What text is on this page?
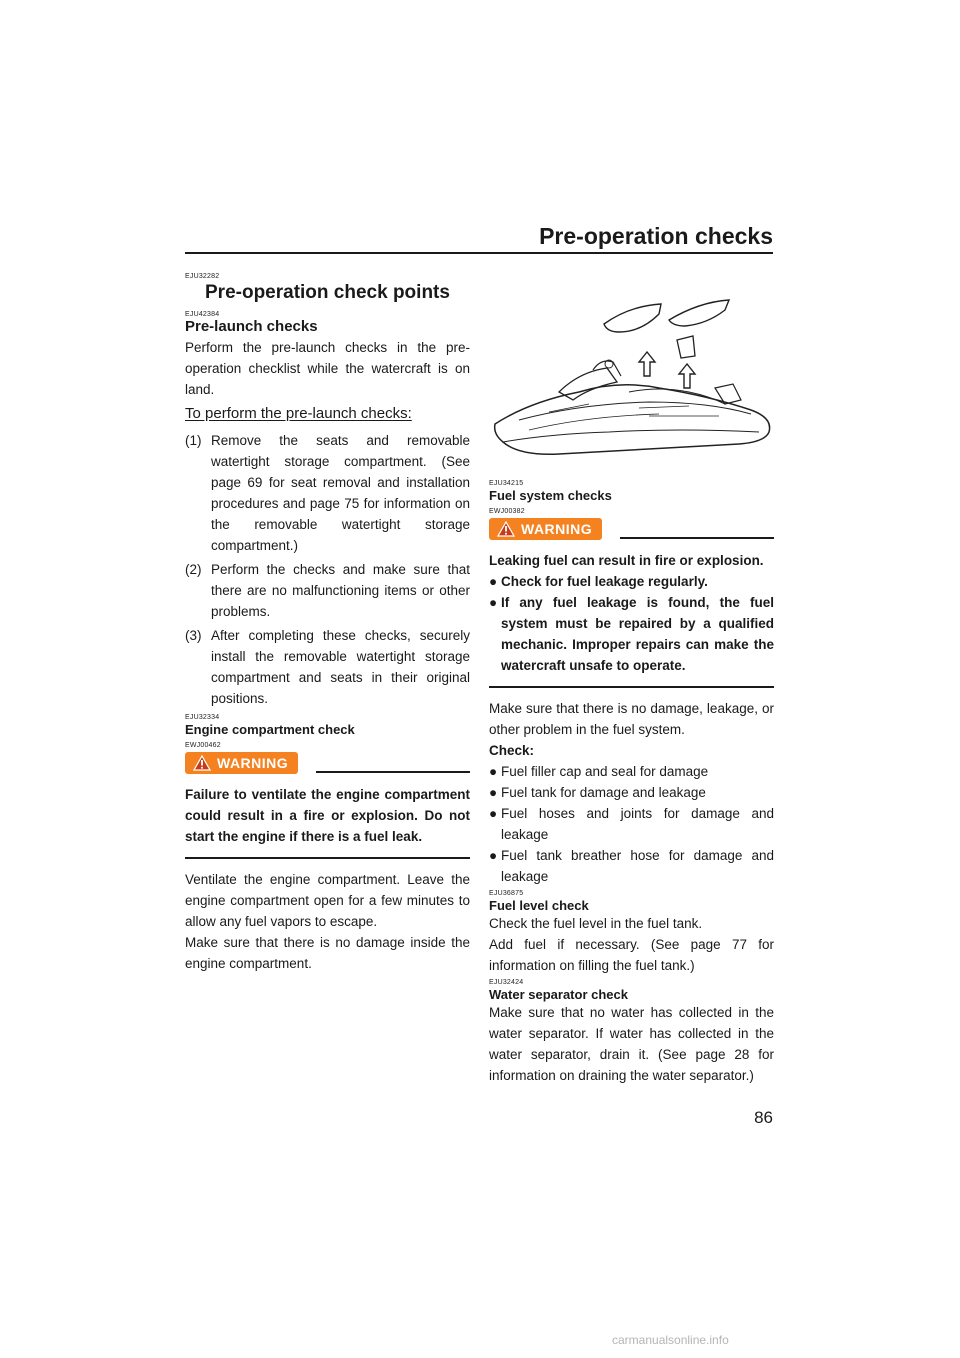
Pre-operation checks
EJU32282
Pre-operation check points
EJU42384
Pre-launch checks

Perform the pre-launch checks in the pre-operation checklist while the watercraft is on land.

To perform the pre-launch checks:
(1) Remove the seats and removable watertight storage compartment. (See page 69 for seat removal and installation procedures and page 75 for information on the removable watertight storage compartment.)
(2) Perform the checks and make sure that there are no malfunctioning items or other problems.
(3) After completing these checks, securely install the removable watertight storage compartment and seats in their original positions.
EJU32334
Engine compartment check
EWJ00462
WARNING
Failure to ventilate the engine compartment could result in a fire or explosion. Do not start the engine if there is a fuel leak.

Ventilate the engine compartment. Leave the engine compartment open for a few minutes to allow any fuel vapors to escape.

Make sure that there is no damage inside the engine compartment.

EJU34215
Fuel system checks
EWJ00382
WARNING
Leaking fuel can result in fire or explosion.
● Check for fuel leakage regularly.
● If any fuel leakage is found, the fuel system must be repaired by a qualified mechanic. Improper repairs can make the watercraft unsafe to operate.

Make sure that there is no damage, leakage, or other problem in the fuel system.

Check:
● Fuel filler cap and seal for damage
● Fuel tank for damage and leakage
● Fuel hoses and joints for damage and leakage
● Fuel tank breather hose for damage and leakage
EJU36875
Fuel level check

Check the fuel level in the fuel tank.

Add fuel if necessary. (See page 77 for information on filling the fuel tank.)

EJU32424
Water separator check

Make sure that no water has collected in the water separator. If water has collected in the water separator, drain it. (See page 28 for information on draining the water separator.)

86
carmanualsonline.info
